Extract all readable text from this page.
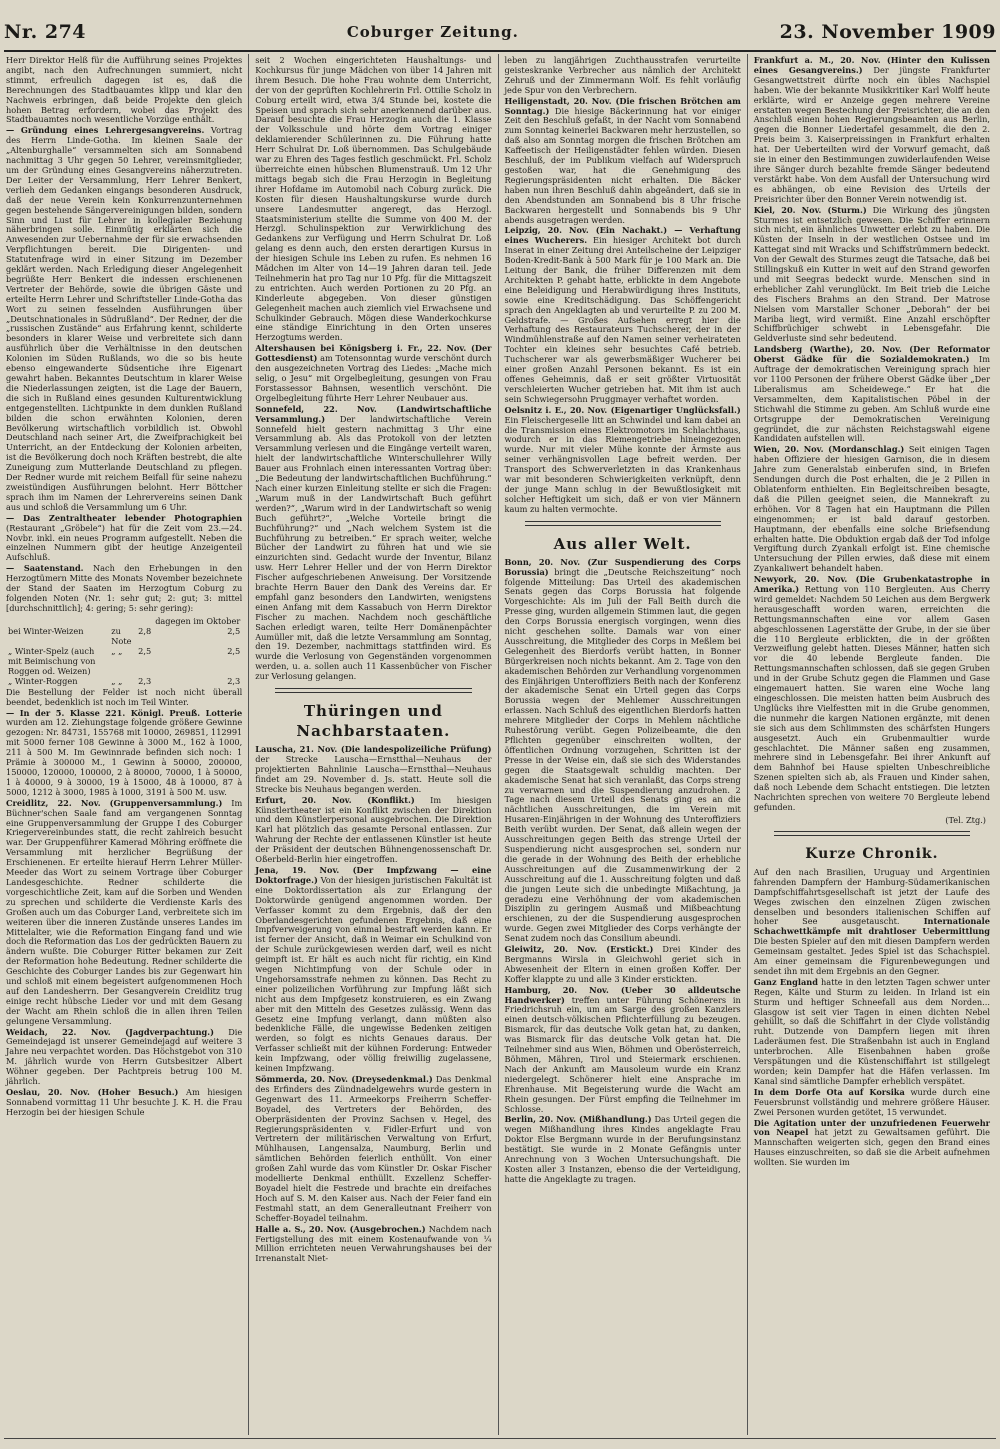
Nr. 274	Coburger Zeitung.	23. November 1909

Herr Direktor Helß für die Aufführung seines Projektes angibt, nach den Aufrechnungen summiert, nicht stimmt, erfreulich dagegen ist es, daß die Berechnungen des Stadtbauamtes klipp und klar den Nachweis erbringen, daß beide Projekte den gleich hohen Betrag erfordern, wobei das Projekt des Stadtbauamtes noch wesentliche Vorzüge enthält.

— Gründung eines Lehrergesangvereins. Vortrag des Herrn Linde-Gotha. Im kleinen Saale der „Altenburghalle“ versammelten sich am Sonnabend nachmittag 3 Uhr gegen 50 Lehrer, vereinsmitglieder, um der Gründung eines Gesangvereins näherzutreten. Der Leiter der Versammlung, Herr Lehrer Benkert, verlieh dem Gedanken eingangs besonderen Ausdruck, daß der neue Verein kein Konkurrenzunternehmen gegen bestehende Sängervereinigungen bilden, sondern Sinn und Lust für Lehrer in kollegialer Beziehung näherbringen solle. Einmütig erklärten sich die Anwesenden zur Uebernahme der für sie erwachsenden Verpflichtungen bereit. Die Dirigenten- und Statutenfrage wird in einer Sitzung im Dezember geklärt werden. Nach Erledigung dieser Angelegenheit begrüßte Herr Benkert die indessen erschienenen Vertreter der Behörde, sowie die übrigen Gäste und erteilte Herrn Lehrer und Schriftsteller Linde-Gotha das Wort zu seinen fesselnden Ausführungen über „Deutschnationales in Südrußland“. Der Redner, der die „russischen Zustände“ aus Erfahrung kennt, schilderte besonders in klarer Weise und verbreitete sich dann ausführlich über die Verhältnisse in den deutschen Kolonien im Süden Rußlands, wo die so bis heute ebenso eingewanderte Südsentiche ihre Eigenart gewahrt haben. Bekanntes Deutschtum in klarer Weise die Niederlassungen zeigten, ist die Lage der Bauern, die sich in Rußland eines gesunden Kulturentwicklung entgegenstellten. Lichtpunkte in dem dunklen Rußland bilden die schon erwähnten Kolonien, deren Bevölkerung wirtschaftlich vorbildlich ist. Obwohl Deutschland nach seiner Art, die Zweifprachigkeit bei Unterricht, an der Entdeckung der Kolonien arbeiten, ist die Bevölkerung doch noch Kräften bestrebt, die alte Zuneigung zum Mutterlande Deutschland zu pflegen. Der Redner wurde mit reichem Beifall für seine nahezu zweistündigen Ausführungen belohnt. Herr Böttcher sprach ihm im Namen der Lehrervereins seinen Dank aus und schloß die Versammlung um 6 Uhr.

— Das Zentraltheater lebender Photographien (Restaurant „Gröbele“) hat für die Zeit vom 23.—24. Novbr. inkl. ein neues Programm aufgestellt. Neben die einzelnen Nummern gibt der heutige Anzeigenteil Aufschluß.

— Saatenstand. Nach den Erhebungen in den Herzogtümern Mitte des Monats November bezeichnete der Stand der Saaten im Herzogtum Coburg zu folgenden Noten (Nr. 1: sehr gut; 2: gut; 3: mittel [durchschnittlich]; 4: gering; 5: sehr gering):

			dagegen im Oktober
bei Winter-Weizen	zu Note	2,8	2,5
„ Winter-Spelz (auch mit Beimischung von Roggen od. Weizen)	„ „	2,5	2,5
„ Winter-Roggen	„ „	2,3	2,3

Die Bestellung der Felder ist noch nicht überall beendet, bedenklich ist noch im Teil Winter.

— In der 5. Klasse 221. Königl. Preuß. Lotterie wurden am 12. Ziehungstage folgende größere Gewinne gezogen: Nr. 84731, 155768 mit 10000, 269851, 112991 mit 5000 ferner 108 Gewinne à 3000 M., 162 à 1000, 211 à 500 M. Im Gewinnrade befinden sich noch: 1 Prämie à 300000 M., 1 Gewinn à 50000, 200000, 150000, 120000, 100000, 2 à 80000, 70000, 1 à 50000, 1 à 40000, 9 à 30000, 19 à 15000, 48 à 10000, 87 à 5000, 1212 à 3000, 1985 à 1000, 3191 à 500 M. usw.

Creidlitz, 22. Nov. (Gruppenversammlung.) Im Büchner'schen Saale fand am vergangenen Sonntag eine Gruppenversammlung der Gruppe I des Coburger Kriegervereinbundes statt, die recht zahlreich besucht war. Der Gruppenführer Kamerad Möhring eröffnete die Versammlung mit herzlicher Begrüßung der Erschienenen. Er erteilte hierauf Herrn Lehrer Müller-Meeder das Wort zu seinem Vortrage über Coburger Landesgeschichte. Redner schilderte die vorgeschichtliche Zeit, kam auf die Sorben und Wenden zu sprechen und schilderte die Verdienste Karls des Großen auch um das Coburger Land, verbreitete sich im weiteren über die inneren Zustände unseres Landes im Mittelalter, wie die Reformation Eingang fand und wie doch die Reformation das Los der gedrückten Bauern zu ändern wußte. Die Coburger Ritter bekamen zur Zeit der Reformation hohe Bedeutung. Redner schilderte die Geschichte des Coburger Landes bis zur Gegenwart hin und schloß mit einem begeistert aufgenommenen Hoch auf den Landesherrn. Der Gesangverein Creidlitz trug einige recht hübsche Lieder vor und mit dem Gesang der Wacht am Rhein schloß die in allen ihren Teilen gelungene Versammlung.

Weidach, 22. Nov. (Jagdverpachtung.) Die Gemeindejagd ist unserer Gemeindejagd auf weitere 3 Jahre neu verpachtet worden. Das Höchstgebot von 310 M. jährlich wurde von Herrn Gutsbesitzer Albert Wöhner gegeben. Der Pachtpreis betrug 100 M. jährlich.

Oeslau, 20. Nov. (Hoher Besuch.) Am hiesigen Sonnabend vormittag 11 Uhr besuchte J. K. H. die Frau Herzogin bei der hiesigen Schule

seit 2 Wochen eingerichteten Haushaltungs- und Kochkursus für junge Mädchen von über 14 Jahren mit ihrem Besuch. Die hohe Frau wohnte dem Unterricht, der von der geprüften Kochlehrerin Frl. Ottilie Scholz in Coburg erteilt wird, etwa 3/4 Stunde bei, kostete die Speisen und sprach sich sehr anerkennend darüber aus. Darauf besuchte die Frau Herzogin auch die 1. Klasse der Volksschule und hörte dem Vortrag einiger deklamierender Schülerinnen zu. Die Führung hatte Herr Schulrat Dr. Loß übernommen. Das Schulgebäude war zu Ehren des Tages festlich geschmückt. Frl. Scholz überreichte einen hübschen Blumenstrauß. Um 12 Uhr mittags begab sich die Frau Herzogin in Begleitung ihrer Hofdame im Automobil nach Coburg zurück. Die Kosten für diesen Haushaltungskurse wurde durch unsere Landesmutter angeregt, das Herzogl. Staatsministerium stellte die Summe von 400 M. der Herzgl. Schulinspektion zur Verwirklichung des Gedankens zur Verfügung und Herrn Schulrat Dr. Loß gelang es denn auch, den ersten derartigen Kursus in der hiesigen Schule ins Leben zu rufen. Es nehmen 16 Mädchen im Alter von 14—19 Jahren daran teil. Jede Teilnehmerin hat pro Tag nur 10 Pfg. für die Mittagszeit zu entrichten. Auch werden Portionen zu 20 Pfg. an Kinderleute abgegeben. Von dieser günstigen Gelegenheit machen auch ziemlich viel Erwachsene und Schulkinder Gebrauch. Mögen diese Wanderkochkurse eine ständige Einrichtung in den Orten unseres Herzogtums werden.

Altershausen bei Königsberg i. Fr., 22. Nov. (Der Gottesdienst) am Totensonntag wurde verschönt durch den ausgezeichneten Vortrag des Liedes: „Mache mich selig, o Jesu“ mit Orgelbegleitung, gesungen von Frau Forstassessor Bahnsen, wesentlich verschönt. Die Orgelbegleitung führte Herr Lehrer Neubauer aus.

Sonnefeld, 22. Nov. (Landwirtschaftliche Versammlung.) Der landwirtschaftliche Verein Sonnefeld hielt gestern nachmittag 3 Uhr eine Versammlung ab. Als das Protokoll von der letzten Versammlung verlesen und die Eingänge verteilt waren, hielt der landwirtschaftliche Winterschullehrer Willy Bauer aus Frohnlach einen interessanten Vortrag über: „Die Bedeutung der landwirtschaftlichen Buchführung.“ Nach einer kurzen Einleitung stellte er sich die Fragen: „Warum muß in der Landwirtschaft Buch geführt werden?“, „Warum wird in der Landwirtschaft so wenig Buch geführt?“, „Welche Vorteile bringt die Buchführung?“ und „Nach welchem System ist die Buchführung zu betreiben.“ Er sprach weiter, welche Bücher der Landwirt zu führen hat und wie sie einzurichten sind. Gedacht wurde der Inventur, Bilanz usw. Herr Lehrer Heller und der von Herrn Direktor Fischer aufgeschriebenen Anweisung. Der Vorsitzende brachte Herrn Bauer den Dank des Vereins dar. Er empfahl ganz besonders den Landwirten, wenigstens einen Anfang mit dem Kassabuch von Herrn Direktor Fischer zu machen. Nachdem noch geschäftliche Sachen erledigt waren, teilte Herr Domänenpächter Aumüller mit, daß die letzte Versammlung am Sonntag, den 19. Dezember, nachmittags stattfinden wird. Es wurde die Verlosung von Gegenständen vorgenommen werden, u. a. sollen auch 11 Kassenbücher von Fischer zur Verlosung gelangen.

Thüringen und Nachbarstaaten.

Lauscha, 21. Nov. (Die landespolizeiliche Prüfung) der Strecke Lauscha—Ernstthal—Neuhaus der projektierten Bahnlinie Lauscha—Ernstthal—Neuhaus findet am 29. November d. Js. statt. Heute soll die Strecke bis Neuhaus begangen werden.

Erfurt, 20. Nov. (Konflikt.) Im hiesigen Künstlertheater ist ein Konflikt zwischen der Direktion und dem Künstlerpersonal ausgebrochen. Die Direktion Karl hat plötzlich das gesamte Personal entlassen. Zur Wahrung der Rechte der entlassenen Künstler ist heute der Präsident der deutschen Bühnengenossenschaft Dr. Oßerbeld-Berlin hier eingetroffen.

Jena, 19. Nov. (Der Impfzwang — eine Doktorfrage.) Von der hiesigen juristischen Fakultät ist eine Doktordissertation als zur Erlangung der Doktorwürde genügend angenommen worden. Der Verfasser kommt zu dem Ergebnis, daß der den Oberlandesgerichten gefundenen Ergebnis, daß eine Impfverweigerung von einmal bestraft werden kann. Er ist ferner der Ansicht, daß in Weimar ein Schulkind von der Schule zurückgewiesen werden darf, weil es nicht geimpft ist. Er hält es auch nicht für richtig, ein Kind wegen Nichtimpfung von der Schule oder in Ungehorsamsstrafe nehmen zu können. Das Recht zu einer polizeilichen Vorführung zur Impfung läßt sich nicht aus dem Impfgesetz konstruieren, es ein Zwang aber mit den Mitteln des Gesetzes zulässig. Wenn das Gesetz eine Impfung verlangt, dann müßten also bedenkliche Fälle, die ungewisse Bedenken zeitigen werden, so folgt es nichts Genaues daraus. Der Verfasser schließt mit der kühnen Forderung: Entweder kein Impfzwang, oder völlig freiwillig zugelassene, keinen Impfzwang.

Sömmerda, 20. Nov. (Dreysedenkmal.) Das Denkmal des Erfinders des Zündnadelgewehrs wurde gestern in Gegenwart des 11. Armeekorps Freiherrn Scheffer-Boyadel, des Vertreters der Behörden, des Oberpräsidenten der Provinz Sachsen v. Hegel, des Regierungspräsidenten v. Fidler-Erfurt und von Vertretern der militärischen Verwaltung von Erfurt, Mühlhausen, Langensalza, Naumburg, Berlin und sämtlichen Behörden feierlich enthüllt. Von einer großen Zahl wurde das vom Künstler Dr. Oskar Fischer modellierte Denkmal enthüllt. Exzellenz Scheffer-Boyadel hielt die Festrede und brachte ein dreifaches Hoch auf S. M. den Kaiser aus. Nach der Feier fand ein Festmahl statt, an dem Generalleutnant Freiherr von Scheffer-Boyadel teilnahm.

Halle a. S., 20. Nov. (Ausgebrochen.) Nachdem nach Fertigstellung des mit einem Kostenaufwande von ¼ Million errichteten neuen Verwahrungshauses bei der Irrenanstalt Niet-

leben zu langjährigen Zuchthausstrafen verurteilte geisteskranke Verbrecher aus nämlich der Architekt Zehruß und der Zimmermann Wolf. Es fehlt vorläufig jede Spur von den Verbrechern.

Heiligenstadt, 20. Nov. (Die frischen Brötchen am Sonntag.) Die hiesige Bäckerinnung hat vor einiger Zeit den Beschluß gefaßt, in der Nacht vom Sonnabend zum Sonntag keinerlei Backwaren mehr herzustellen, so daß also am Sonntag morgen die frischen Brötchen am Kaffeetisch der Heiligenstädter fehlen würden. Diesen Beschluß, der im Publikum vielfach auf Widerspruch gestoßen war, hat die Genehmigung des Regierungspräsidenten nicht erhalten. Die Bäcker haben nun ihren Beschluß dahin abgeändert, daß sie in den Abendstunden am Sonnabend bis 8 Uhr frische Backwaren hergestellt und Sonnabends bis 9 Uhr abends ausgetragen werden.

Leipzig, 20. Nov. (Ein Nachakt.) — Verhaftung eines Wucherers. Ein hiesiger Architekt bot durch Inserat in einer Zeitung drei Anteilscheine der Leipziger Boden-Kredit-Bank à 500 Mark für je 100 Mark an. Die Leitung der Bank, die früher Differenzen mit dem Architekten P. gehabt hatte, erblickte in dem Angebote eine Beleidigung und Herabwürdigung ihres Instituts, sowie eine Kreditschädigung. Das Schöffengericht sprach den Angeklagten ab und verurteilte P. zu 200 M. Geldstrafe. — Großes Aufsehen erregt hier die Verhaftung des Restaurateurs Tuchscherer, der in der Windmühlenstraße auf den Namen seiner verheirateten Tochter ein kleines sehr besuchtes Café betrieb. Tuchscherer war als gewerbsmäßiger Wucherer bei einer großen Anzahl Personen bekannt. Es ist ein offenes Geheimnis, daß er seit größter Virtuosität verschleierten Wucher getrieben hat. Mit ihm ist auch sein Schwiegersohn Pruggmayer verhaftet worden.

Oelsnitz i. E., 20. Nov. (Eigenartiger Unglücksfall.) Ein Fleischergeselle litt an Schwindel und kam dabei an die Transmission eines Elektromotors im Schlachthaus, wodurch er in das Riemengetriebe hineingezogen wurde. Nur mit vieler Mühe konnte der Ärmste aus seiner verhängnisvollen Lage befreit werden. Der Transport des Schwerverletzten in das Krankenhaus war mit besonderen Schwierigkeiten verknüpft, denn der junge Mann schlug in der Bewußtlosigkeit mit solcher Heftigkeit um sich, daß er von vier Männern kaum zu halten vermochte.

Aus aller Welt.

Bonn, 20. Nov. (Zur Suspendierung des Corps Borussia) bringt die „Deutsche Reichszeitung“ noch folgende Mitteilung: Das Urteil des akademischen Senats gegen das Corps Borussia hat folgende Vorgeschichte: Als im Juli der Fall Beith durch die Presse ging, wurden allgemein Stimmen laut, die gegen den Corps Borussia energisch vorgingen, wenn dies nicht geschehen sollte. Damals war von einer Ausschreitung, die Mitglieder des Corps in Meßlem bei Gelegenheit des Bierdorfs verübt hatten, in Bonner Bürgerkreisen noch nichts bekannt. Am 2. Tage von den akademischen Behörden zur Verhandlung vorgenommen des Einjährigen Unteroffiziers Beith nach der Konferenz der akademische Senat ein Urteil gegen das Corps Borussia wegen der Mehlemer Ausschreitungen erlassen. Nach Schluß des eigentlichen Bierdorfs hatten mehrere Mitglieder der Corps in Mehlem nächtliche Ruhestörung verübt. Gegen Polizeibeamte, die den Pflichten gegenüber einschreiten wollten, der öffentlichen Ordnung vorzugehen, Schritten ist der Presse in der Weise ein, daß sie sich des Widerstandes gegen die Staatsgewalt schuldig machten. Der akademische Senat hat sich veranlaßt, das Corps streng zu verwarnen und die Suspendierung anzudrohen. 2 Tage nach diesem Urteil des Senats ging es an die nächtlichen Ausschreitungen, die im Verein mit Husaren-Einjährigen in der Wohnung des Unteroffiziers Beith verübt wurden. Der Senat, daß allein wegen der Ausschreitungen gegen Beith das strenge Urteil der Suspendierung nicht ausgesprochen sei, sondern nur die gerade in der Wohnung des Beith der erhebliche Ausschreitungen auf die Zusammenwirkung der 2 Ausschreitung auf die 1. Ausschreitung folgten und daß die jungen Leute sich die unbedingte Mißachtung, ja geradezu eine Verhöhnung der vom akademischen Disziplin zu geringem Ausmaß und Mißbeachtung erschienen, zu der die Suspendierung ausgesprochen wurde. Gegen zwei Mitglieder des Corps verhängte der Senat zudem noch das Consilium abeundi.

Gleiwitz, 20. Nov. (Erstickt.) Drei Kinder des Bergmanns Wirsla in Gleichwohl geriet sich in Abwesenheit der Eltern in einen großen Koffer. Der Koffer klappte zu und alle 3 Kinder erstickten.

Hamburg, 20. Nov. (Ueber 30 alldeutsche Handwerker) treffen unter Führung Schönerers in Friedrichsruh ein, um am Sarge des großen Kanzlers einen deutsch-völkischen Pflichterfüllung zu bezeugen. Bismarck, für das deutsche Volk getan hat, zu danken, was Bismarck für das deutsche Volk getan hat. Die Teilnehmer sind aus Wien, Böhmen und Oberösterreich, Böhmen, Mähren, Tirol und Steiermark erschienen. Nach der Ankunft am Mausoleum wurde ein Kranz niedergelegt. Schönerer hielt eine Ansprache im Ehrenhause. Mit Begeisterung wurde die Wacht am Rhein gesungen. Der Fürst empfing die Teilnehmer im Schlosse.

Berlin, 20. Nov. (Mißhandlung.) Das Urteil gegen die wegen Mißhandlung ihres Kindes angeklagte Frau Doktor Else Bergmann wurde in der Berufungsinstanz bestätigt. Sie wurde in 2 Monate Gefängnis unter Anrechnung von 3 Wochen Untersuchungshaft. Die Kosten aller 3 Instanzen, ebenso die der Verteidigung, hatte die Angeklagte zu tragen.

Frankfurt a. M., 20. Nov. (Hinter den Kulissen eines Gesangvereins.) Der jüngste Frankfurter Gesangwettstreit dürfte noch ein übles Nachspiel haben. Wie der bekannte Musikkritiker Karl Wolff heute erklärte, wird er Anzeige gegen mehrere Vereine erstatten wegen Bestechung der Preisrichter, die an den Anschluß einen hohen Regierungsbeamten aus Berlin, gegen die Bonner Liedertafel gesammelt, die den 2. Preis beim 3. Kaiserpreissingen in Frankfurt erhalten hat. Der Ueberteilten wird der Vorwurf gemacht, daß sie in einer den Bestimmungen zuwiderlaufenden Weise ihre Sänger durch bezahlte fremde Sänger bedeutend verstärkt habe. Von dem Ausfall der Untersuchung wird es abhängen, ob eine Revision des Urteils der Preisrichter über den Bonner Verein notwendig ist.

Kiel, 20. Nov. (Sturm.) Die Wirkung des jüngsten Sturmes ist entsetzlich gewesen. Die Schiffer erinnern sich nicht, ein ähnliches Unwetter erlebt zu haben. Die Küsten der Inseln in der westlichen Ostsee und im Kattegat sind mit Wracks und Schiffstrümmern bedeckt. Von der Gewalt des Sturmes zeugt die Tatsache, daß bei Stillingskuß ein Kutter in weit auf den Strand geworfen und mit Seegras bedeckt wurde. Menschen sind in erheblicher Zahl verunglückt. Im Beit trieb die Leiche des Fischers Brahms an den Strand. Der Matrose Nielsen vom Marstaller Schoner „Deborah“ der bei Mariba liegt, wird vermißt. Eine Anzahl erschöpfter Schiffbrüchiger schwebt in Lebensgefahr. Die Geldverluste sind sehr bedeutend.

Landsberg (Warthe), 20. Nov. (Der Reformator Oberst Gädke für die Sozialdemokraten.) Im Auftrage der demokratischen Vereinigung sprach hier vor 1100 Personen der frühere Oberst Gädke über „Der Liberalismus am Scheidewege.“ Er hat die Versammelten, dem Kapitalistischen Pöbel in der Stichwahl die Stimme zu geben. Am Schluß wurde eine Ortsgruppe der Demokratischen Vereinigung gegründet, die zur nächsten Reichstagswahl eigene Kandidaten aufstellen will.

Wien, 20. Nov. (Mordanschlag.) Seit einigen Tagen haben Offiziere der hiesigen Garnison, die in diesem Jahre zum Generalstab einberufen sind, in Briefen Sendungen durch die Post erhalten, die je 2 Pillen in Oblatenform enthielten. Ein Begleitschreiben besagte, daß die Pillen geeignet seien, die Mannekraft zu erhöhen. Vor 8 Tagen hat ein Hauptmann die Pillen eingenommen; er ist bald darauf gestorben. Hauptmann, der ebenfalls eine solche Briefsendung erhalten hatte. Die Obduktion ergab daß der Tod infolge Vergiftung durch Zyankali erfolgt ist. Eine chemische Untersuchung der Pillen erwies, daß diese mit einem Zyankaliwert behandelt haben.

Newyork, 20. Nov. (Die Grubenkatastrophe in Amerika.) Rettung von 110 Bergleuten. Aus Cherry wird gemeldet: Nachdem 50 Leichen aus dem Bergwerk herausgeschafft worden waren, erreichten die Rettungsmannschaften eine vor allem Gasen abgeschlossenen Lagerstätte der Grube, in der sie über die 110 Bergleute erblickten, die in der größten Verzweiflung gelebt hatten. Dieses Männer, hatten sich vor die 40 lebende Bergleute fanden. Die Rettungsmannschaften schlossen, daß sie gegen Gruben und in der Grube Schutz gegen die Flammen und Gase eingemauert hatten. Sie waren eine Woche lang eingeschlossen. Die meisten hatten beim Ausbruch des Unglücks ihre Vielfestten mit in die Grube genommen, die nunmehr die kargen Nationen ergänzte, mit denen sie sich aus dem Schlimmsten des schärfsten Hungers ausgesetzt. Auch ein Grubenmaultier wurde geschlachtet. Die Männer saßen eng zusammen, mehrere sind in Lebensgefahr. Bei ihrer Ankunft auf dem Bahnhof bei Hause spielten Unbeschreibliche Szenen spielten sich ab, als Frauen und Kinder sahen, daß noch Lebende dem Schacht entstiegen. Die letzten Nachrichten sprechen von weitere 70 Bergleute lebend gefunden.

(Tel. Ztg.)
Kurze Chronik.

Auf den nach Brasilien, Uruguay und Argentinien fahrenden Dampfern der Hamburg-Südamerikanischen Dampfschiffahrtsgesellschaft ist jetzt der Laufe des Weges zwischen den einzelnen Zügen zwischen denselben und besonders italienischen Schiffen auf hoher See ausgetauscht.	Internationale Schachwettkämpfe mit drahtloser Uebermittlung Die besten Spieler auf den mit diesen Dampfern werden Gemeinsam gestaltet. Jedes Spiel ist das Schachspiel. Am einer gemeinsam die Figurenbewegungen und sendet ihn mit dem Ergebnis an den Gegner.

Ganz England hatte in den letzten Tagen schwer unter Regen, Kälte und Sturm zu leiden. In Irland ist ein Sturm und heftiger Schneefall aus dem Norden... Glasgow ist seit vier Tagen in einen dichten Nebel gehüllt, so daß die Schiffahrt in der Clyde vollständig ruht. Dutzende von Dampfern liegen mit ihren Laderäumen fest. Die Straßenbahn ist auch in England unterbrochen. Alle Eisenbahnen haben große Verspätungen und die Küstenschiffahrt ist stillgelegt worden; kein Dampfer hat die Häfen verlassen. Im Kanal sind sämtliche Dampfer erheblich verspätet.

In dem Dorfe Ota auf Korsika wurde durch eine Feuersbrunst vollständig und mehrere größere Häuser. Zwei Personen wurden getötet, 15 verwundet.

Die Agitation unter der unzufriedenen Feuerwehr von Neapel hat jetzt zu Gewaltsamen geführt. Die Mannschaften weigerten sich, gegen den Brand eines Hauses einzuschreiten, so daß sie die Arbeit aufnehmen wollten. Sie wurden im
